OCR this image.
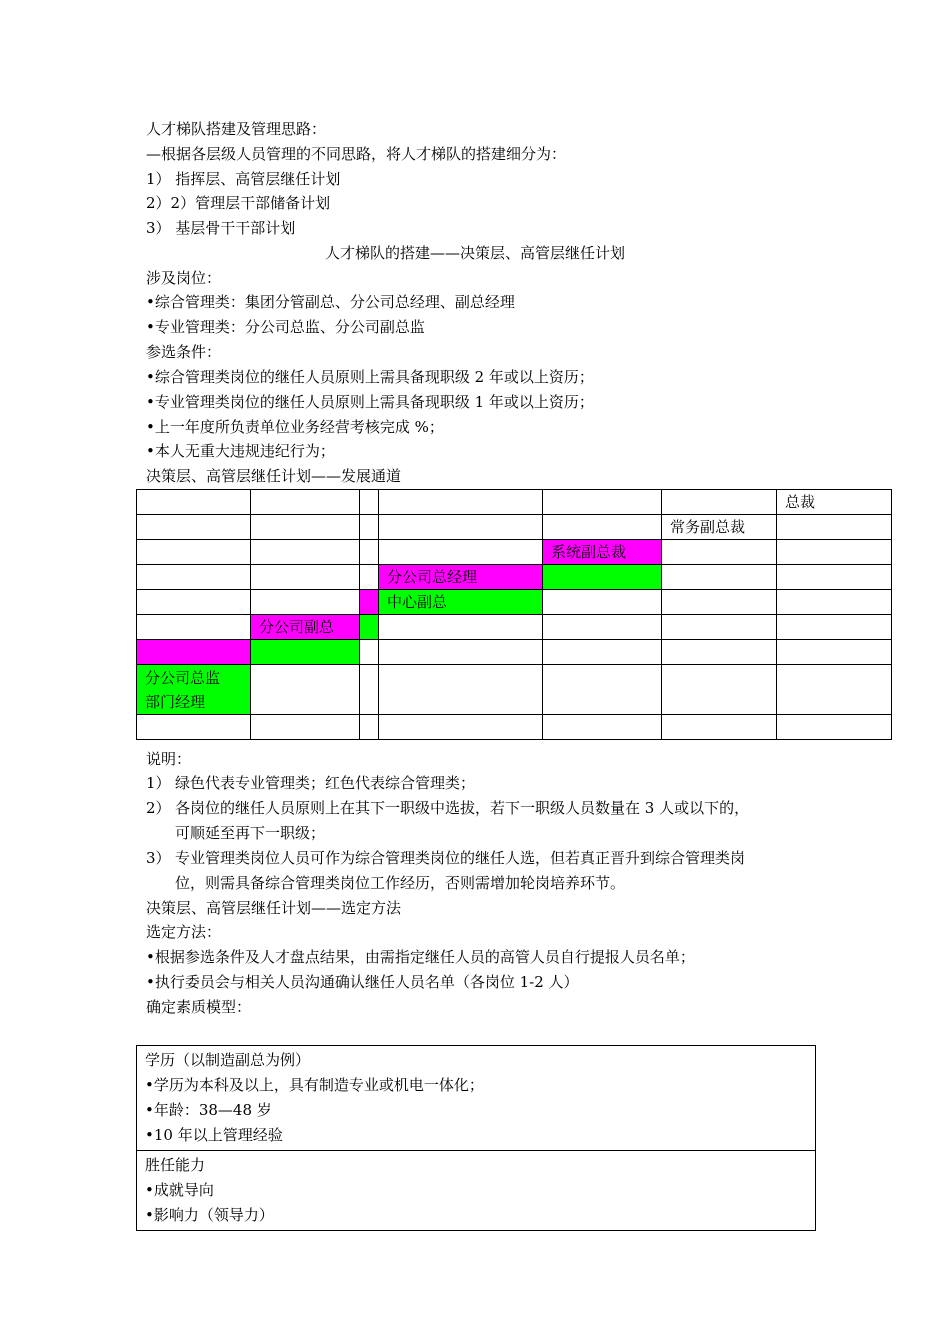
人才梯队搭建及管理思路：
—根据各层级人员管理的不同思路，将人才梯队的搭建细分为：
1） 指挥层、高管层继任计划
2）2）管理层干部储备计划
3） 基层骨干干部计划
人才梯队的搭建——决策层、高管层继任计划
涉及岗位：
•综合管理类：集团分管副总、分公司总经理、副总经理
•专业管理类：分公司总监、分公司副总监
参选条件：
•综合管理类岗位的继任人员原则上需具备现职级 2 年或以上资历；
•专业管理类岗位的继任人员原则上需具备现职级 1 年或以上资历；
•上一年度所负责单位业务经营考核完成 %；
•本人无重大违规违纪行为；
决策层、高管层继任计划——发展通道
						总裁
					常务副总裁	
				系统副总裁		
			分公司总经理			
			中心副总			
	分公司副总					

分公司总监
部门经理						

说明：
1） 绿色代表专业管理类；红色代表综合管理类；
2） 各岗位的继任人员原则上在其下一职级中选拔，若下一职级人员数量在 3 人或以下的，
可顺延至再下一职级；
3） 专业管理类岗位人员可作为综合管理类岗位的继任人选，但若真正晋升到综合管理类岗
位，则需具备综合管理类岗位工作经历，否则需增加轮岗培养环节。
决策层、高管层继任计划——选定方法
选定方法：
•根据参选条件及人才盘点结果，由需指定继任人员的高管人员自行提报人员名单；
•执行委员会与相关人员沟通确认继任人员名单（各岗位 1-2 人）
确定素质模型：
学历（以制造副总为例）
•学历为本科及以上，具有制造专业或机电一体化；
•年龄：38—48 岁
•10 年以上管理经验
胜任能力
•成就导向
•影响力（领导力）
